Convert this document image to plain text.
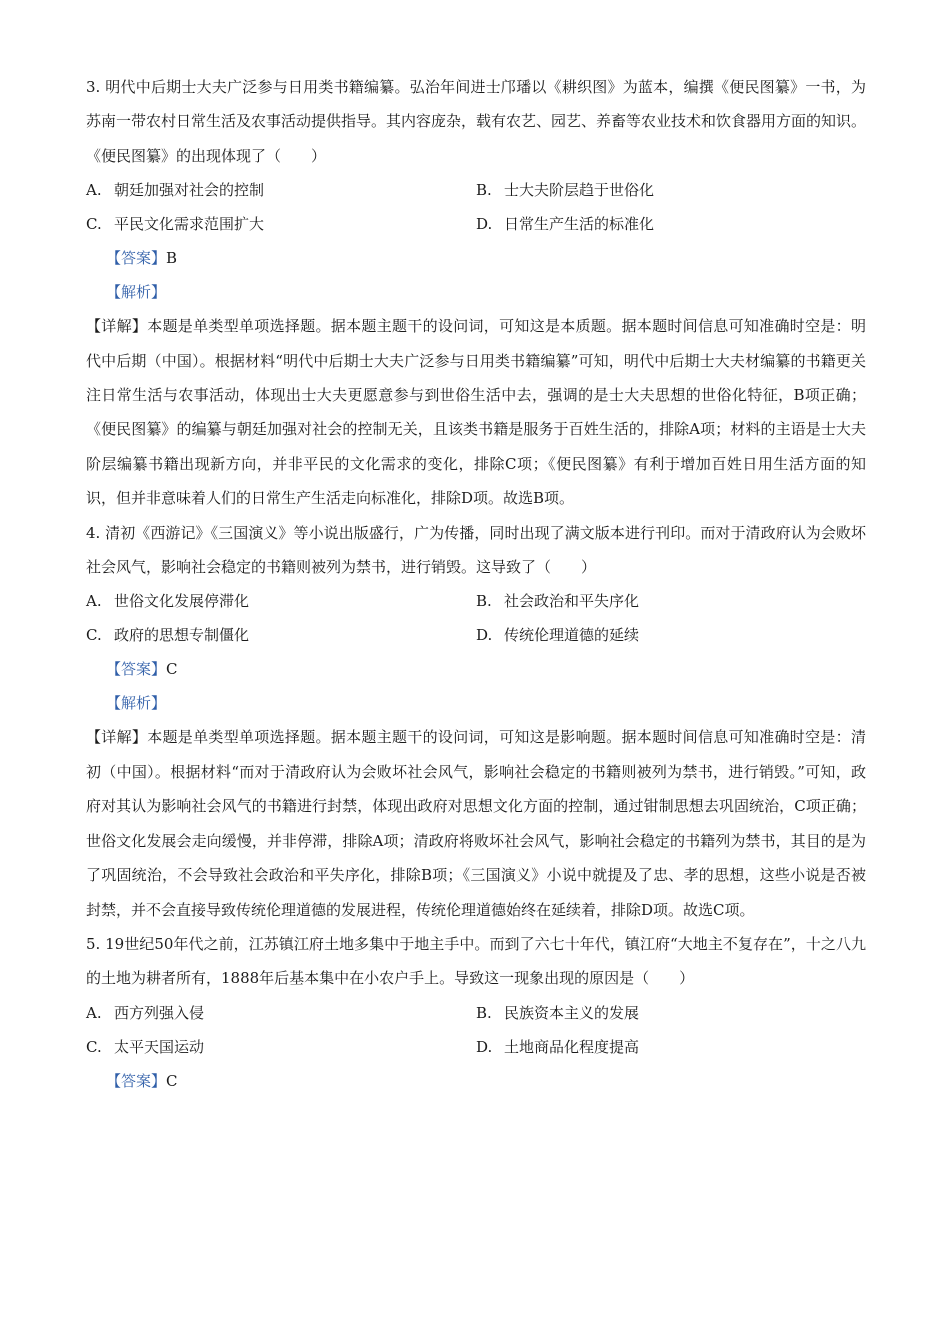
3. 明代中后期士大夫广泛参与日用类书籍编纂。弘治年间进士邝璠以《耕织图》为蓝本，编撰《便民图纂》一书，为苏南一带农村日常生活及农事活动提供指导。其内容庞杂，载有农艺、园艺、养畜等农业技术和饮食器用方面的知识。《便民图纂》的出现体现了（　　）
A. 朝廷加强对社会的控制	B. 士大夫阶层趋于世俗化
C. 平民文化需求范围扩大	D. 日常生产生活的标准化
【答案】B
【解析】
【详解】本题是单类型单项选择题。据本题主题干的设问词，可知这是本质题。据本题时间信息可知准确时空是：明代中后期（中国）。根据材料“明代中后期士大夫广泛参与日用类书籍编纂”可知，明代中后期士大夫材编纂的书籍更关注日常生活与农事活动，体现出士大夫更愿意参与到世俗生活中去，强调的是士大夫思想的世俗化特征，B项正确；《便民图纂》的编纂与朝廷加强对社会的控制无关，且该类书籍是服务于百姓生活的，排除A项；材料的主语是士大夫阶层编纂书籍出现新方向，并非平民的文化需求的变化，排除C项；《便民图纂》有利于增加百姓日用生活方面的知识，但并非意味着人们的日常生产生活走向标准化，排除D项。故选B项。
4. 清初《西游记》《三国演义》等小说出版盛行，广为传播，同时出现了满文版本进行刊印。而对于清政府认为会败坏社会风气，影响社会稳定的书籍则被列为禁书，进行销毁。这导致了（　　）
A. 世俗文化发展停滞化	B. 社会政治和平失序化
C. 政府的思想专制僵化	D. 传统伦理道德的延续
【答案】C
【解析】
【详解】本题是单类型单项选择题。据本题主题干的设问词，可知这是影响题。据本题时间信息可知准确时空是：清初（中国）。根据材料“而对于清政府认为会败坏社会风气，影响社会稳定的书籍则被列为禁书，进行销毁。”可知，政府对其认为影响社会风气的书籍进行封禁，体现出政府对思想文化方面的控制，通过钳制思想去巩固统治，C项正确；世俗文化发展会走向缓慢，并非停滞，排除A项；清政府将败坏社会风气，影响社会稳定的书籍列为禁书，其目的是为了巩固统治，不会导致社会政治和平失序化，排除B项；《三国演义》小说中就提及了忠、孝的思想，这些小说是否被封禁，并不会直接导致传统伦理道德的发展进程，传统伦理道德始终在延续着，排除D项。故选C项。
5. 19世纪50年代之前，江苏镇江府土地多集中于地主手中。而到了六七十年代，镇江府“大地主不复存在”，十之八九的土地为耕者所有，1888年后基本集中在小农户手上。导致这一现象出现的原因是（　　）
A. 西方列强入侵	B. 民族资本主义的发展
C. 太平天国运动	D. 土地商品化程度提高
【答案】C
